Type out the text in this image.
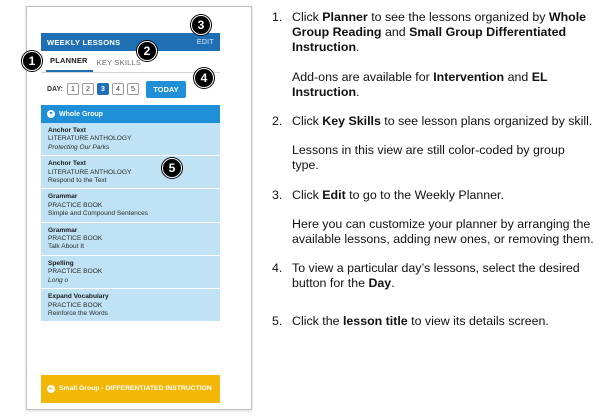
WEEKLY LESSONS	EDIT
PLANNER	KEY SKILLS
DAY:	1	2	3	4	5	TODAY
▾ Whole Group
Anchor Text
LITERATURE ANTHOLOGY
Protecting Our Parks
Anchor Text
LITERATURE ANTHOLOGY
Respond to the Text
Grammar
PRACTICE BOOK
Simple and Compound Sentences
Grammar
PRACTICE BOOK
Talk About It
Spelling
PRACTICE BOOK
Long o
Expand Vocabulary
PRACTICE BOOK
Reinforce the Words
▸ Small Group - DIFFERENTIATED INSTRUCTION
1
2
3
4
5
1. Click Planner to see the lessons organized by Whole Group Reading and Small Group Differentiated Instruction.
Add-ons are available for Intervention and EL Instruction.
2. Click Key Skills to see lesson plans organized by skill.
Lessons in this view are still color-coded by group type.
3. Click Edit to go to the Weekly Planner.
Here you can customize your planner by arranging the available lessons, adding new ones, or removing them.
4. To view a particular day’s lessons, select the desired button for the Day.
5. Click the lesson title to view its details screen.
